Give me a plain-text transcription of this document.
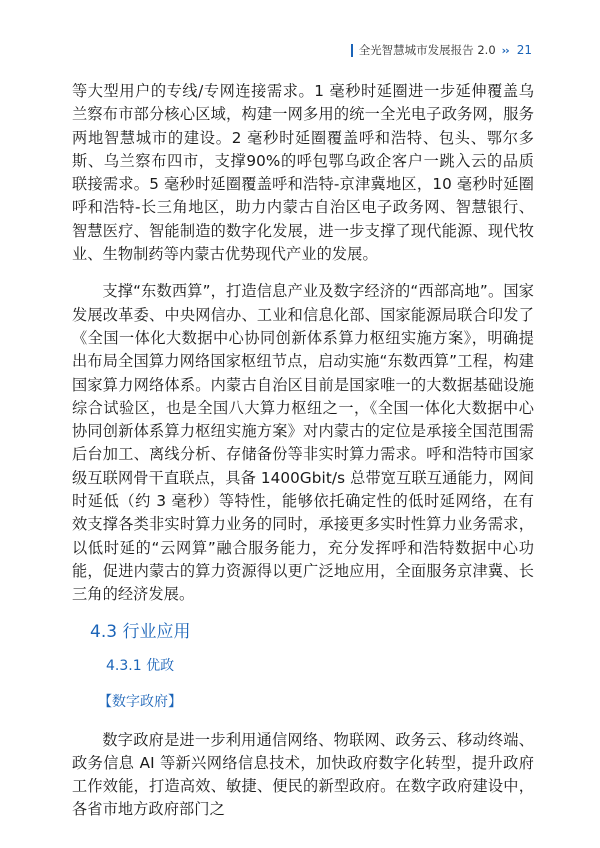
全光智慧城市发展报告 2.0 ›› 21

等大型用户的专线/专网连接需求。1 毫秒时延圈进一步延伸覆盖乌兰察布市部分核心区域，构建一网多用的统一全光电子政务网，服务两地智慧城市的建设。2 毫秒时延圈覆盖呼和浩特、包头、鄂尔多斯、乌兰察布四市，支撑90%的呼包鄂乌政企客户一跳入云的品质联接需求。5 毫秒时延圈覆盖呼和浩特-京津冀地区，10 毫秒时延圈呼和浩特-长三角地区，助力内蒙古自治区电子政务网、智慧银行、智慧医疗、智能制造的数字化发展，进一步支撑了现代能源、现代牧业、生物制药等内蒙古优势现代产业的发展。

支撑“东数西算”，打造信息产业及数字经济的“西部高地”。国家发展改革委、中央网信办、工业和信息化部、国家能源局联合印发了《全国一体化大数据中心协同创新体系算力枢纽实施方案》，明确提出布局全国算力网络国家枢纽节点，启动实施“东数西算”工程，构建国家算力网络体系。内蒙古自治区目前是国家唯一的大数据基础设施综合试验区，也是全国八大算力枢纽之一，《全国一体化大数据中心协同创新体系算力枢纽实施方案》对内蒙古的定位是承接全国范围需后台加工、离线分析、存储备份等非实时算力需求。呼和浩特市国家级互联网骨干直联点，具备 1400Gbit/s 总带宽互联互通能力，网间时延低（约 3 毫秒）等特性，能够依托确定性的低时延网络，在有效支撑各类非实时算力业务的同时，承接更多实时性算力业务需求，以低时延的“云网算”融合服务能力，充分发挥呼和浩特数据中心功能，促进内蒙古的算力资源得以更广泛地应用，全面服务京津冀、长三角的经济发展。

4.3 行业应用
4.3.1 优政
【数字政府】

数字政府是进一步利用通信网络、物联网、政务云、移动终端、政务信息 AI 等新兴网络信息技术，加快政府数字化转型，提升政府工作效能，打造高效、敏捷、便民的新型政府。在数字政府建设中，各省市地方政府部门之
